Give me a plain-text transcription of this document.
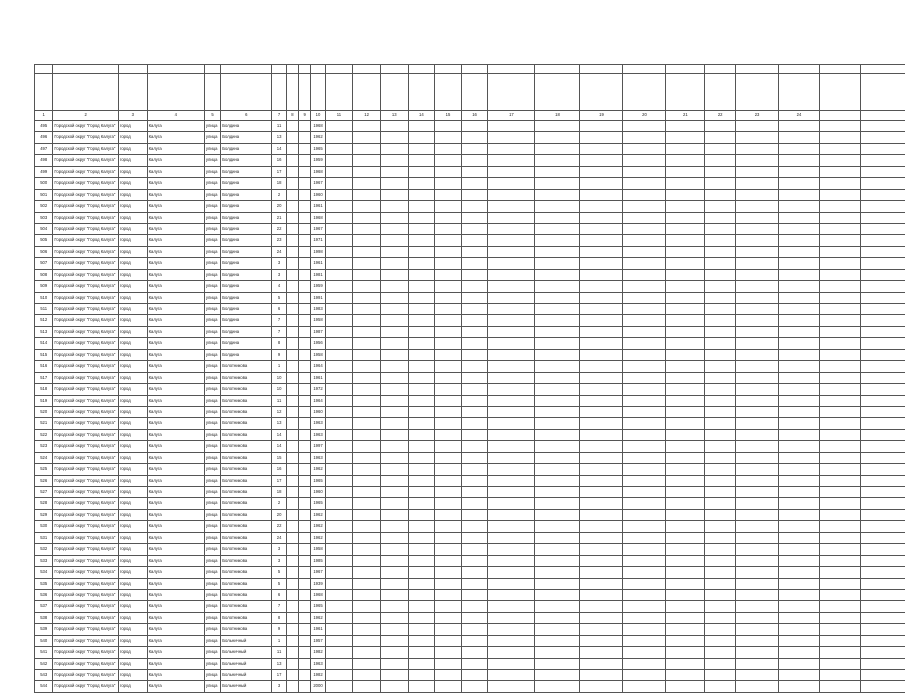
1	2	3	4	5	6	7	8	9	10	11	12	13	14	15	16	17	18	19	20	21	22	23	24		
495	Городской округ "Город Калуга"	город	Калуга	улица	Болдина	11			1968																
496	Городской округ "Город Калуга"	город	Калуга	улица	Болдина	13			1962																
497	Городской округ "Город Калуга"	город	Калуга	улица	Болдина	14			1965																
498	Городской округ "Город Калуга"	город	Калуга	улица	Болдина	16			1959																
499	Городской округ "Город Калуга"	город	Калуга	улица	Болдина	17			1968																
500	Городской округ "Город Калуга"	город	Калуга	улица	Болдина	18			1967																
501	Городской округ "Город Калуга"	город	Калуга	улица	Болдина	2			1960																
502	Городской округ "Город Калуга"	город	Калуга	улица	Болдина	20			1961																
503	Городской округ "Город Калуга"	город	Калуга	улица	Болдина	21			1968																
504	Городской округ "Город Калуга"	город	Калуга	улица	Болдина	22			1967																
505	Городской округ "Город Калуга"	город	Калуга	улица	Болдина	23			1971																
506	Городской округ "Город Калуга"	город	Калуга	улица	Болдина	24			1998																
507	Городской округ "Город Калуга"	город	Калуга	улица	Болдина	3			1961																
508	Городской округ "Город Калуга"	город	Калуга	улица	Болдина	3			1981																
509	Городской округ "Город Калуга"	город	Калуга	улица	Болдина	4			1959																
510	Городской округ "Город Калуга"	город	Калуга	улица	Болдина	5			1991																
511	Городской округ "Город Калуга"	город	Калуга	улица	Болдина	6			1983																
512	Городской округ "Город Калуга"	город	Калуга	улица	Болдина	7			1958																
513	Городской округ "Город Калуга"	город	Калуга	улица	Болдина	7			1987																
514	Городской округ "Город Калуга"	город	Калуга	улица	Болдина	8			1956																
515	Городской округ "Город Калуга"	город	Калуга	улица	Болдина	9			1958																
516	Городской округ "Город Калуга"	город	Калуга	улица	Болотникова	1			1964																
517	Городской округ "Город Калуга"	город	Калуга	улица	Болотникова	10			1961																
518	Городской округ "Город Калуга"	город	Калуга	улица	Болотникова	10			1972																
519	Городской округ "Город Калуга"	город	Калуга	улица	Болотникова	11			1964																
520	Городской округ "Город Калуга"	город	Калуга	улица	Болотникова	12			1960																
521	Городской округ "Город Калуга"	город	Калуга	улица	Болотникова	13			1963																
522	Городской округ "Город Калуга"	город	Калуга	улица	Болотникова	14			1963																
523	Городской округ "Город Калуга"	город	Калуга	улица	Болотникова	14			1997																
524	Городской округ "Город Калуга"	город	Калуга	улица	Болотникова	15			1963																
525	Городской округ "Город Калуга"	город	Калуга	улица	Болотникова	16			1962																
526	Городской округ "Город Калуга"	город	Калуга	улица	Болотникова	17			1965																
527	Городской округ "Город Калуга"	город	Калуга	улица	Болотникова	18			1960																
528	Городской округ "Город Калуга"	город	Калуга	улица	Болотникова	2			1965																
529	Городской округ "Город Калуга"	город	Калуга	улица	Болотникова	20			1962																
530	Городской округ "Город Калуга"	город	Калуга	улица	Болотникова	22			1962																
531	Городской округ "Город Калуга"	город	Калуга	улица	Болотникова	24			1962																
532	Городской округ "Город Калуга"	город	Калуга	улица	Болотникова	3			1958																
533	Городской округ "Город Калуга"	город	Калуга	улица	Болотникова	3			1985																
534	Городской округ "Город Калуга"	город	Калуга	улица	Болотникова	5			1967																
535	Городской округ "Город Калуга"	город	Калуга	улица	Болотникова	5			1939																
536	Городской округ "Город Калуга"	город	Калуга	улица	Болотникова	6			1968																
537	Городской округ "Город Калуга"	город	Калуга	улица	Болотникова	7			1965																
538	Городской округ "Город Калуга"	город	Калуга	улица	Болотникова	8			1962																
539	Городской округ "Город Калуга"	город	Калуга	улица	Болотникова	9			1961																
540	Городской округ "Город Калуга"	город	Калуга	улица	Больничный	1			1957																
541	Городской округ "Город Калуга"	город	Калуга	улица	Больничный	11			1982																
542	Городской округ "Город Калуга"	город	Калуга	улица	Больничный	13			1963																
543	Городской округ "Город Калуга"	город	Калуга	улица	Больничный	17			1982																
544	Городской округ "Город Калуга"	город	Калуга	улица	Больничный	3			2000																
